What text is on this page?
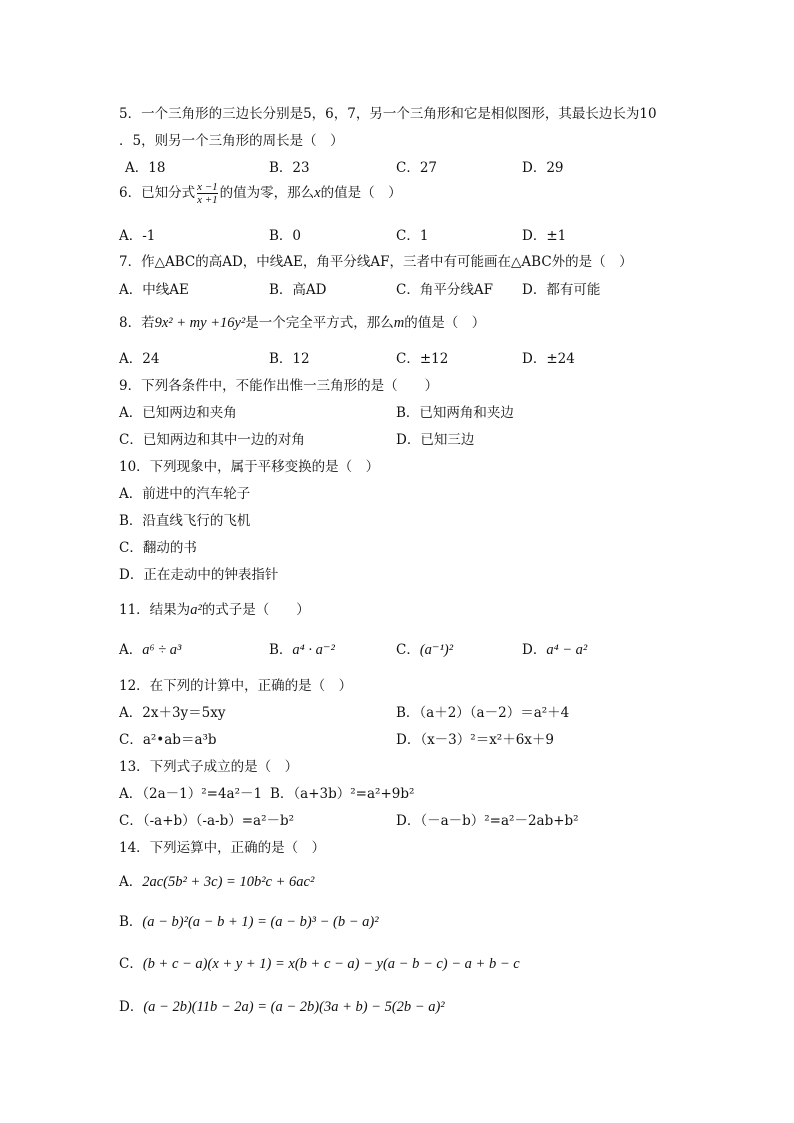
5．一个三角形的三边长分别是5，6，7，另一个三角形和它是相似图形，其最长边长为10
．5，则另一个三角形的周长是（　）
A．18	B．23	C．27	D．29
6．已知分式 $\frac{x -1}{x +1}$ 的值为零，那么x的值是（　）
A．-1	B．0	C．1	D．±1
7．作△ABC的高AD，中线AE，角平分线AF，三者中有可能画在△ABC外的是（　）
A．中线AE	B．高AD	C．角平分线AF D．都有可能
8．若9x² + my +16y²是一个完全平方式，那么m的值是（　）
A．24	B．12	C．±12	D．±24
9．下列各条件中，不能作出惟一三角形的是（　　）
A．已知两边和夹角	B．已知两角和夹边
C．已知两边和其中一边的对角	D．已知三边
10．下列现象中，属于平移变换的是（　）
A．前进中的汽车轮子
B．沿直线飞行的飞机
C．翻动的书
D．正在走动中的钟表指针
11．结果为a²的式子是（　　）
A．a⁶ ÷ a³	B．a⁴ · a⁻²	C．(a⁻¹)²	D．a⁴ − a²
12．在下列的计算中，正确的是（　）
A．2x＋3y＝5xy	B．（a＋2）（a－2）＝a²＋4
C．a²•ab＝a³b	D．（x－3）²＝x²＋6x＋9
13．下列式子成立的是（　）
A．（2a－1）²=4a²－1 B．（a+3b）²=a²+9b²
C．（-a+b）（-a-b）=a²－b²	D．（－a－b）²=a²－2ab+b²
14．下列运算中，正确的是（　）
A．2ac(5b² + 3c) = 10b²c + 6ac²
B．(a − b)²(a − b + 1) = (a − b)³ − (b − a)²
C．(b + c − a)(x + y + 1) = x(b + c − a) − y(a − b − c) − a + b − c
D．(a − 2b)(11b − 2a) = (a − 2b)(3a + b) − 5(2b − a)²
